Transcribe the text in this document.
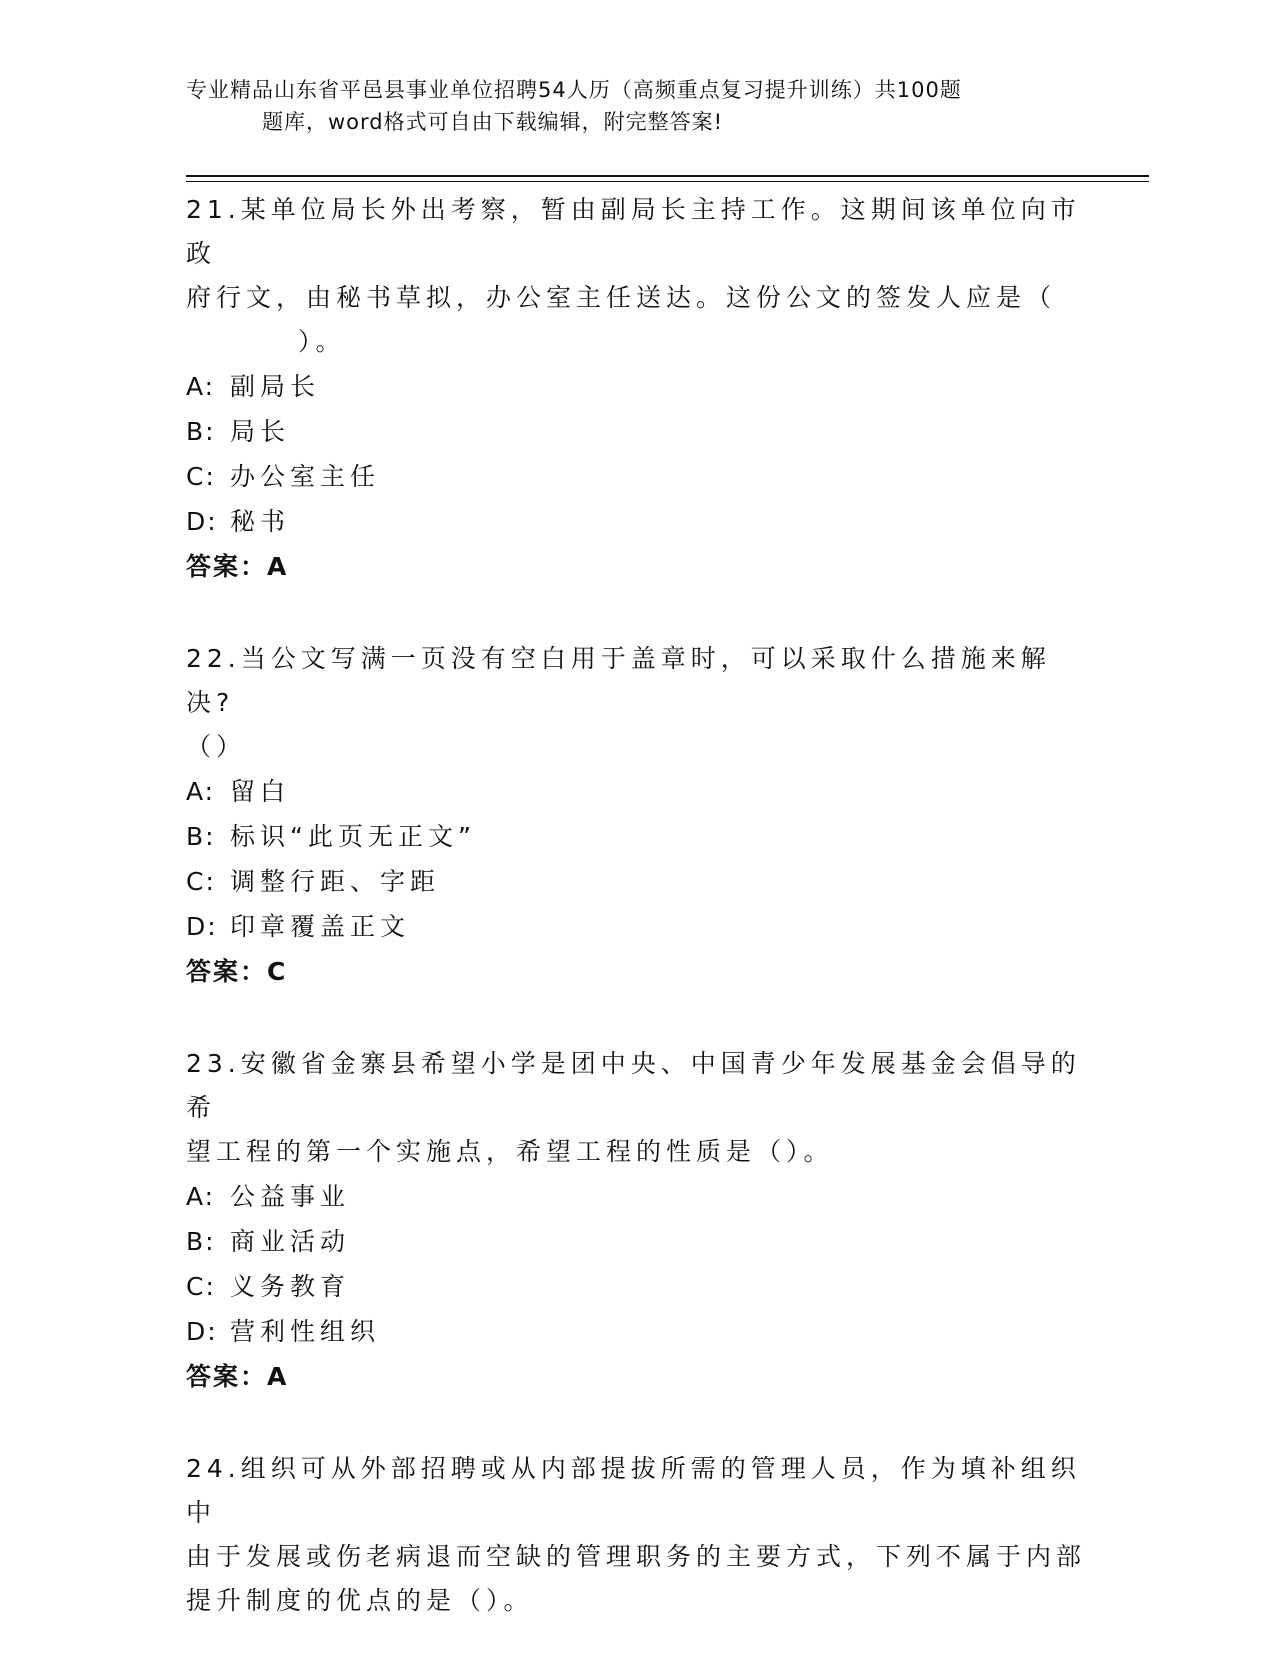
专业精品山东省平邑县事业单位招聘54人历（高频重点复习提升训练）共100题
题库，word格式可自由下载编辑，附完整答案!

21.某单位局长外出考察，暂由副局长主持工作。这期间该单位向市政

府行文，由秘书草拟，办公室主任送达。这份公文的签发人应是（

）。

A: 副局长

B: 局长

C: 办公室主任

D: 秘书

答案：A

22.当公文写满一页没有空白用于盖章时，可以采取什么措施来解决?

（）

A: 留白

B: 标识“此页无正文”

C: 调整行距、字距

D: 印章覆盖正文

答案：C

23.安徽省金寨县希望小学是团中央、中国青少年发展基金会倡导的希

望工程的第一个实施点，希望工程的性质是（）。

A: 公益事业

B: 商业活动

C: 义务教育

D: 营利性组织

答案：A

24.组织可从外部招聘或从内部提拔所需的管理人员，作为填补组织中

由于发展或伤老病退而空缺的管理职务的主要方式，下列不属于内部

提升制度的优点的是（）。
